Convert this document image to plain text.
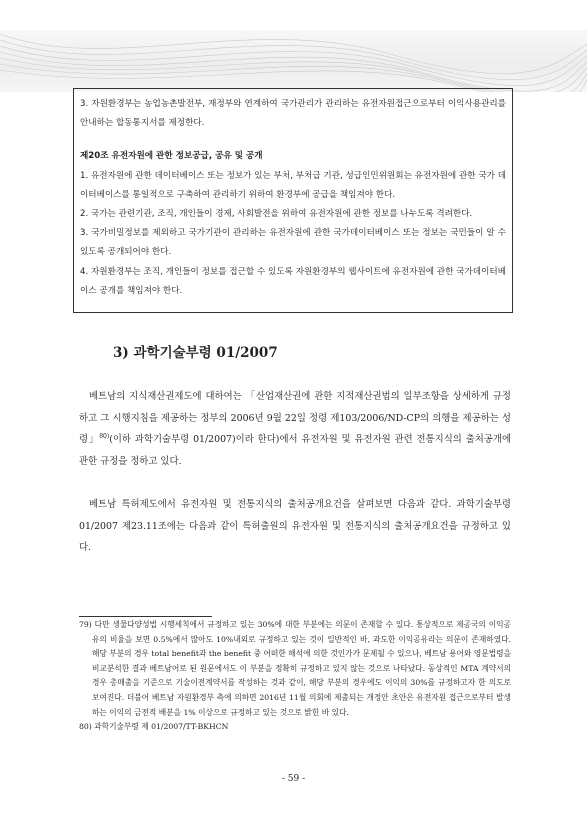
3. 자원환경부는 농업농촌발전부, 재정부와 연계하여 국가관리가 관리하는 유전자원접근으로부터 이익사용관리를 안내하는 합동통지서를 제정한다.

제20조 유전자원에 관한 정보공급, 공유 및 공개

1. 유전자원에 관한 데이터베이스 또는 정보가 있는 부처, 부처급 기관, 성급인민위원회는 유전자원에 관한 국가 데이터베이스를 통일적으로 구축하여 관리하기 위하여 환경부에 공급을 책임져야 한다.

2. 국가는 관련기관, 조직, 개인들이 경제, 사회발전을 위하여 유전자원에 관한 정보를 나누도록 격려한다.

3. 국가비밀정보를 제외하고 국가기관이 관리하는 유전자원에 관한 국가데이터베이스 또는 정보는 국민들이 알 수 있도록 공개되어야 한다.

4. 자원환경부는 조직, 개인들이 정보를 접근할 수 있도록 자원환경부의 웹사이트에 유전자원에 관한 국가데이터베이스 공개를 책임져야 한다.

3) 과학기술부령 01/2007

베트남의 지식재산권제도에 대하여는 「산업재산권에 관한 지적재산권법의 일부조항을 상세하게 규정하고 그 시행지침을 제공하는 정부의 2006년 9월 22일 정령 제103/2006/ND-CP의 의행을 제공하는 성령」$^{80)}$(이하 과학기술부령 01/2007)이라 한다)에서 유전자원 및 유전자원 관련 전통지식의 출처공개에 관한 규정을 정하고 있다.

베트남 특허제도에서 유전자원 및 전통지식의 출처공개요건을 살펴보면 다음과 같다. 과학기술부령 01/2007 제23.11조에는 다음과 같이 특허출원의 유전자원 및 전통지식의 출처공개요건을 규정하고 있다.

79) 다만 생물다양성법 시행세칙에서 규정하고 있는 30%에 대한 부분에는 의문이 존재할 수 있다. 통상적으로 제공국의 이익공유의 비율을 보면 0.5%에서 많아도 10%내외로 규정하고 있는 것이 일반적인 바, 과도한 이익공유라는 의문이 존재하였다. 해당 부분의 경우 total benefit과 the benefit 중 어떠한 해석에 의한 것인가가 문제될 수 있으나, 베트남 용어와 영문법령을 비교분석한 결과 베트남어로 된 원문에서도 이 부분을 정확히 규정하고 있지 않는 것으로 나타났다. 동상적인 MTA 계약서의 경우 총매출을 기준으로 기술이전계약서를 작성하는 것과 같이, 해당 부분의 경우에도 이익의 30%를 규정하고자 한 의도로 보여진다. 더불어 베트남 자원환경부 측에 의하면 2016년 11월 의회에 제출되는 개정안 초안은 유전자원 접근으로부터 발생하는 이익의 금전적 배분을 1% 이상으로 규정하고 있는 것으로 밝힌 바 있다.

80) 과학기술부령 제 01/2007/TT-BKHCN

- 59 -
